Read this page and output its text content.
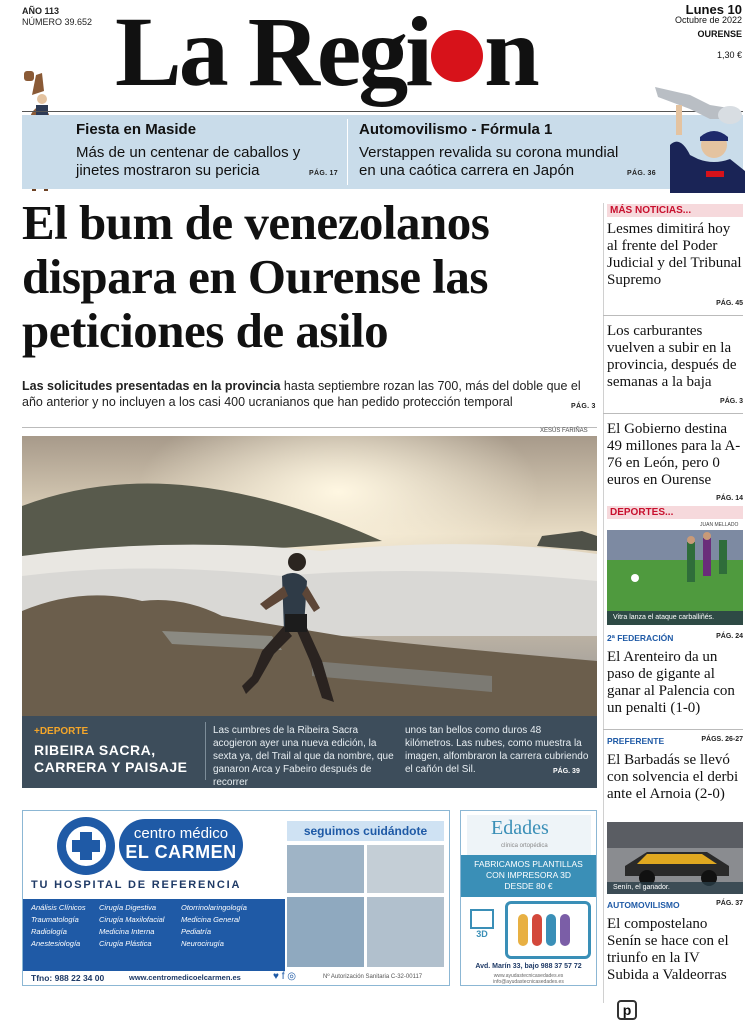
AÑO 113
NÚMERO 39.652 La Regi n	Lunes 10
Octubre de 2022
OURENSE
1,30 €
Fiesta en Maside
Más de un centenar de caballos y jinetes mostraron su pericia	PÁG. 17
Automovilismo - Fórmula 1
Verstappen revalida su corona mundial en una caótica carrera en Japón	PÁG. 36
El bum de venezolanos dispara en Ourense las peticiones de asilo
Las solicitudes presentadas en la provincia hasta septiembre rozan las 700, más del doble que el año anterior y no incluyen a los casi 400 ucranianos que han pedido protección temporal	PÁG. 3
XESÚS FARIÑAS
+DEPORTE
RIBEIRA SACRA,
CARRERA Y PAISAJE
Las cumbres de la Ribeira Sacra acogieron ayer una nueva edición, la sexta ya, del Trail al que da nombre, que ganaron Arca y Fabeiro después de recorrer
unos tan bellos como duros 48 kilómetros. Las nubes, como muestra la imagen, alfombraron la carrera cubriendo el cañón del Sil.	PÁG. 39
centro médico
EL CARMEN
TU HOSPITAL DE REFERENCIA
Análisis Clínicos	Cirugía Digestiva	Otorrinolaringología
Traumatología	Cirugía Maxilofacial	Medicina General
Radiología	Medicina Interna	Pediatría
Anestesiología	Cirugía Plástica	Neurocirugía
seguimos cuidándote
Tfno: 988 22 34 00	www.centromedicoelcarmen.es	♥ f ◎	Nº Autorización Sanitaria C-32-00117
Edades
clínica ortopédica
FABRICAMOS PLANTILLAS
CON IMPRESORA 3D
DESDE 80 €
3D
Avd. Marín 33, bajo 988 37 57 72
www.ayudastecnicasedades.es
info@ayudastecnicasedades.es
MÁS NOTICIAS...
Lesmes dimitirá hoy al frente del Poder Judicial y del Tribunal Supremo
PÁG. 45
Los carburantes vuelven a subir en la provincia, después de semanas a la baja
PÁG. 3
El Gobierno destina 49 millones para la A-76 en León, pero 0 euros en Ourense
PÁG. 14
DEPORTES...
JUAN MELLADO
Vitra lanza el ataque carballiñés.
2ª FEDERACIÓN	PÁG. 24
El Arenteiro da un paso de gigante al ganar al Palencia con un penalti (1-0)
PREFERENTE	PÁGS. 26-27
El Barbadás se llevó con solvencia el derbi ante el Arnoia (2-0)
Senín, el ganador.
AUTOMOVILISMO	PÁG. 37
El compostelano Senín se hace con el triunfo en la IV Subida a Valdeorras
p
